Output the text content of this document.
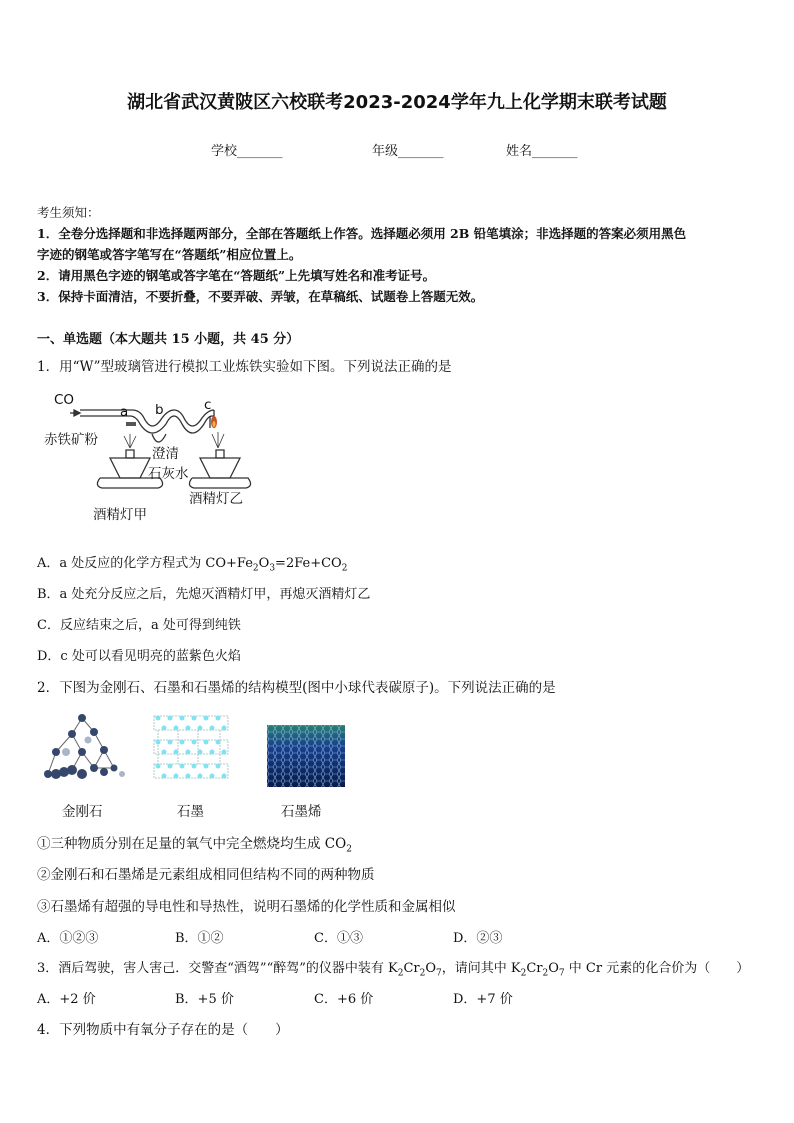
湖北省武汉黄陂区六校联考2023-2024学年九上化学期末联考试题
学校_______	年级_______	姓名_______
考生须知：
1．全卷分选择题和非选择题两部分，全部在答题纸上作答。选择题必须用 2B 铅笔填涂；非选择题的答案必须用黑色
字迹的钢笔或答字笔写在“答题纸”相应位置上。
2．请用黑色字迹的钢笔或答字笔在“答题纸”上先填写姓名和准考证号。
3．保持卡面清洁，不要折叠，不要弄破、弄皱，在草稿纸、试题卷上答题无效。
一、单选题（本大题共 15 小题，共 45 分）
1．用“W”型玻璃管进行模拟工业炼铁实验如下图。下列说法正确的是
CO
a b	c
赤铁矿粉
澄清
石灰水
酒精灯乙
酒精灯甲
A．a 处反应的化学方程式为 $CO+Fe_2O_3=2Fe+CO_2$
B．a 处充分反应之后，先熄灭酒精灯甲，再熄灭酒精灯乙
C．反应结束之后，a 处可得到纯铁
D．c 处可以看见明亮的蓝紫色火焰
2．下图为金刚石、石墨和石墨烯的结构模型(图中小球代表碳原子)。下列说法正确的是
金刚石	石墨	石墨烯
①三种物质分别在足量的氧气中完全燃烧均生成 $CO_2$
②金刚石和石墨烯是元素组成相同但结构不同的两种物质
③石墨烯有超强的导电性和导热性，说明石墨烯的化学性质和金属相似
A．①②③	B．①②	C．①③	D．②③
3．酒后驾驶，害人害己．交警查“酒驾”“醉驾”的仪器中装有 $K_2Cr_2O_7$，请问其中 $K_2Cr_2O_7$ 中 Cr 元素的化合价为（　　）
A．+2 价	B．+5 价	C．+6 价	D．+7 价
4．下列物质中有氧分子存在的是（　　）
